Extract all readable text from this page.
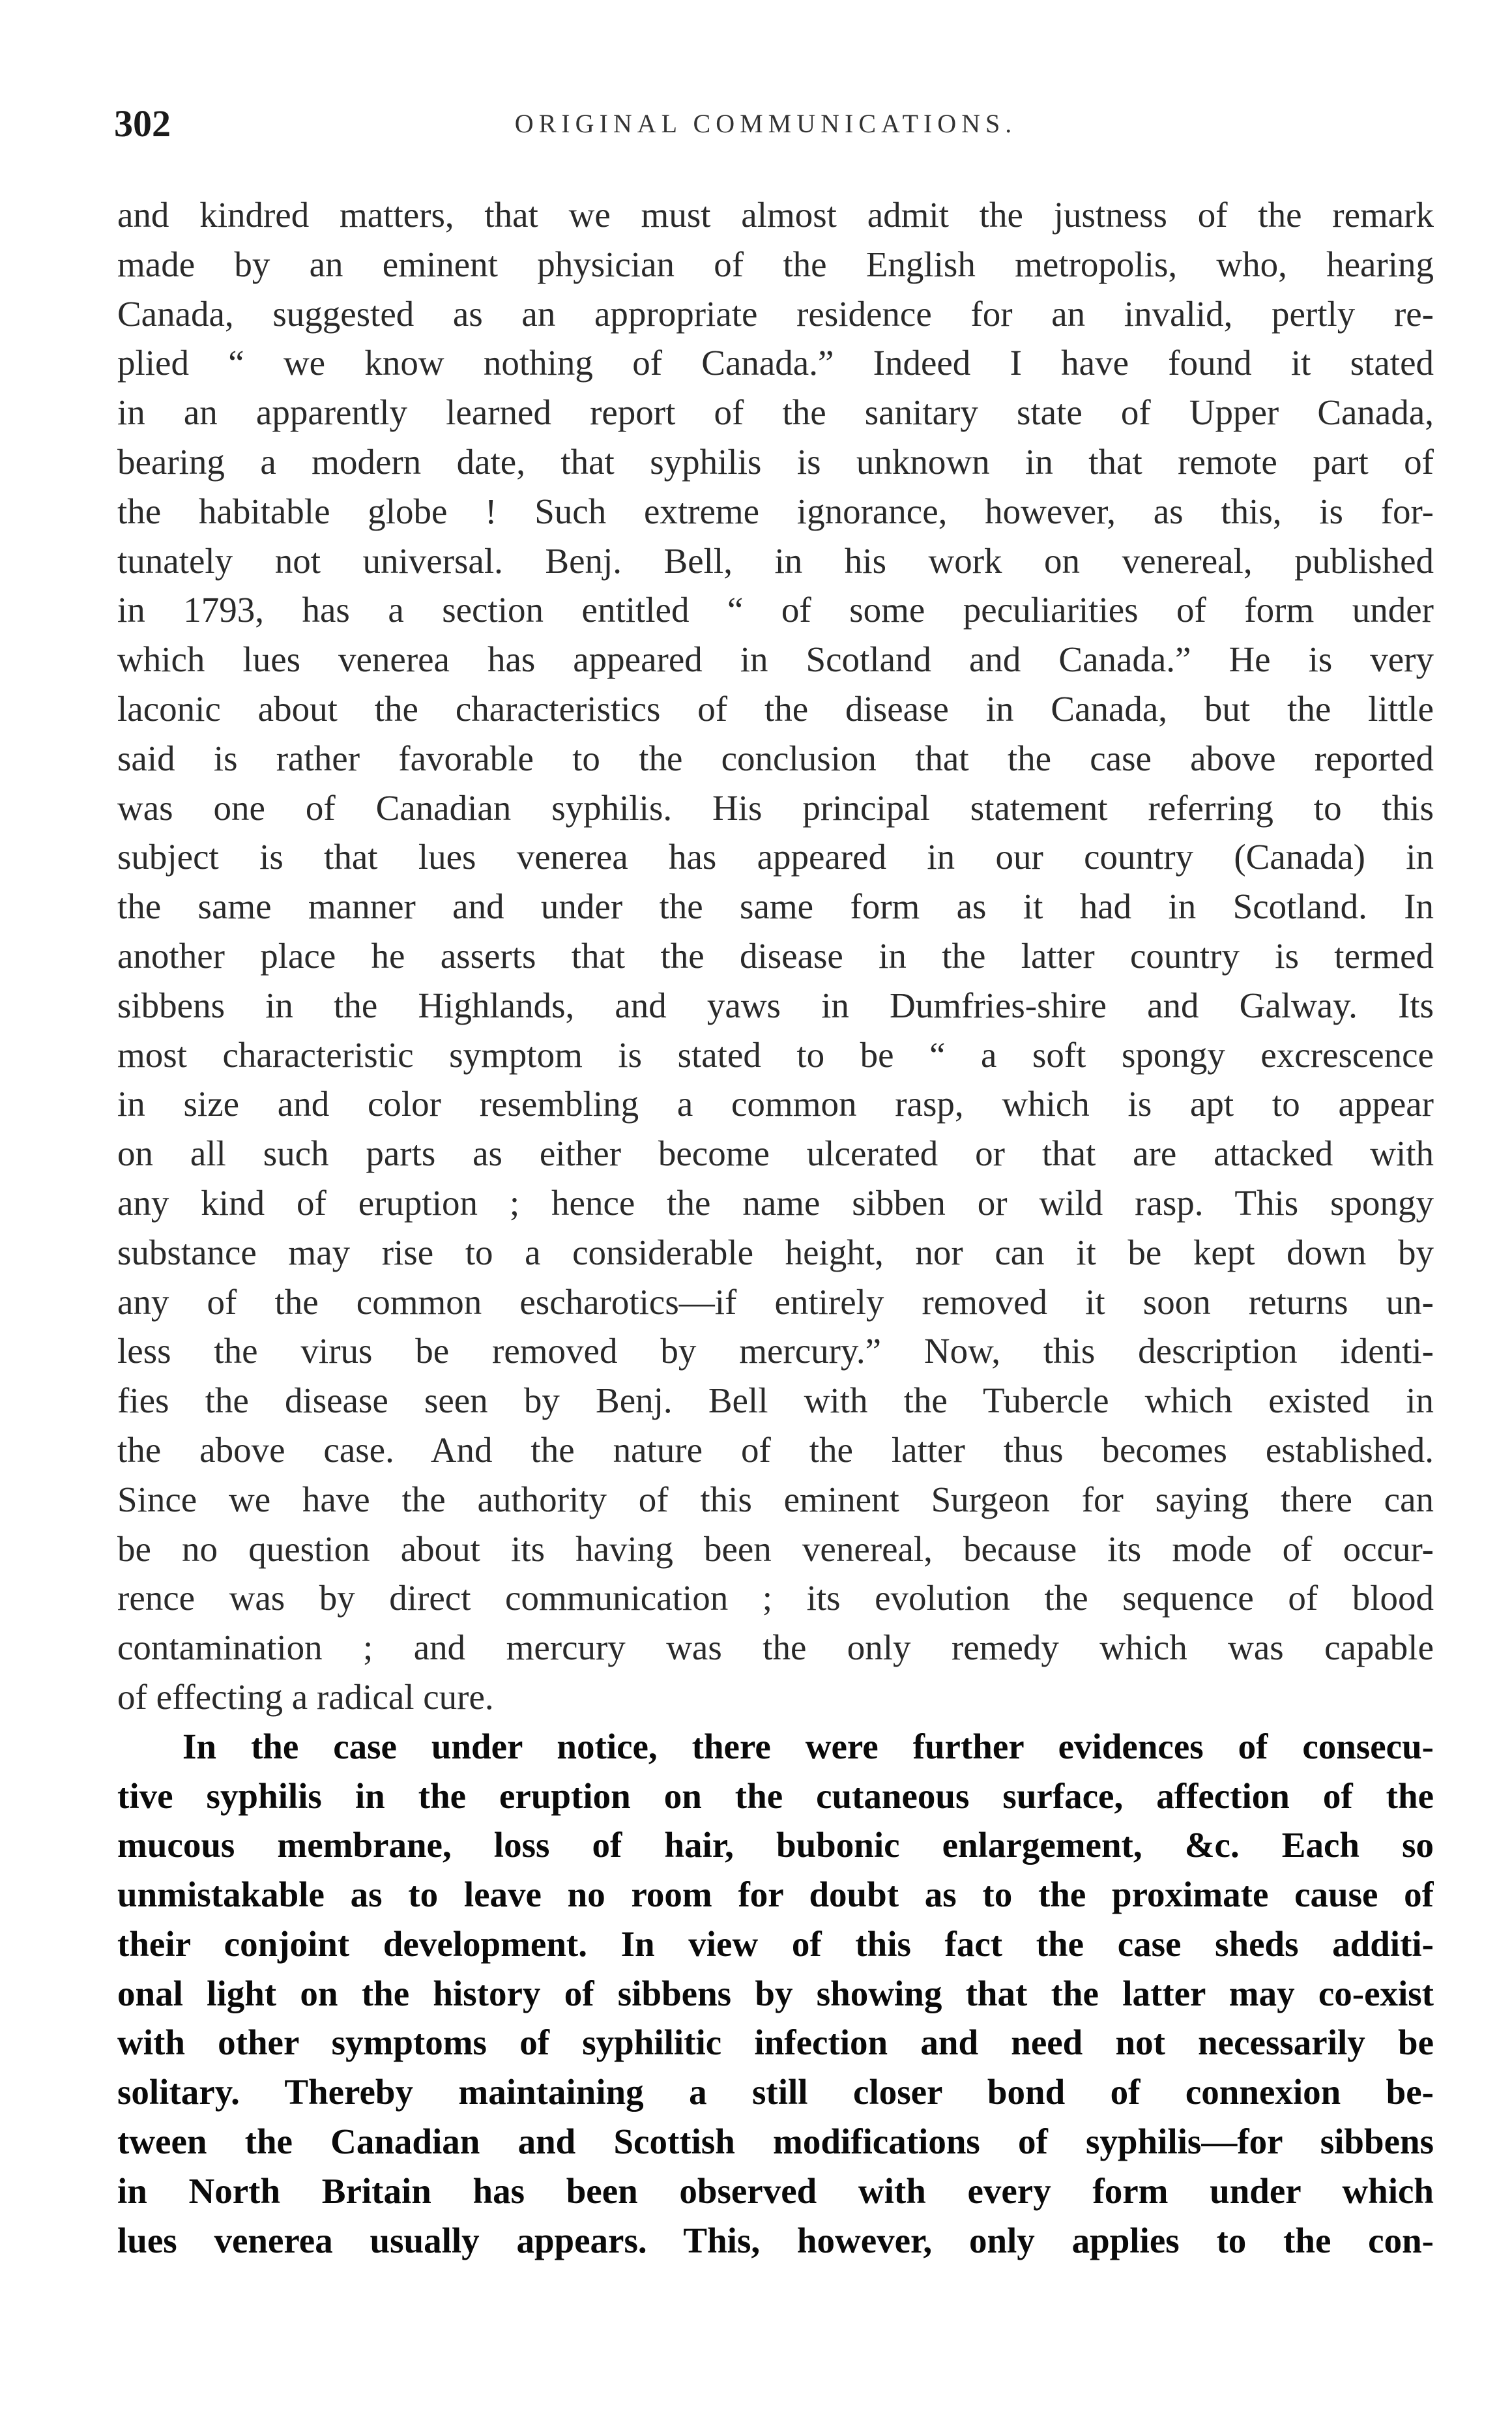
302	ORIGINAL COMMUNICATIONS.
and kindred matters, that we must almost admit the justness of the remark
made by an eminent physician of the English metropolis, who, hearing
Canada, suggested as an appropriate residence for an invalid, pertly re-
plied “ we know nothing of Canada.” Indeed I have found it stated
in an apparently learned report of the sanitary state of Upper Canada,
bearing a modern date, that syphilis is unknown in that remote part of
the habitable globe ! Such extreme ignorance, however, as this, is for-
tunately not universal. Benj. Bell, in his work on venereal, published
in 1793, has a section entitled “ of some peculiarities of form under
which lues venerea has appeared in Scotland and Canada.” He is very
laconic about the characteristics of the disease in Canada, but the little
said is rather favorable to the conclusion that the case above reported
was one of Canadian syphilis. His principal statement referring to this
subject is that lues venerea has appeared in our country (Canada) in
the same manner and under the same form as it had in Scotland. In
another place he asserts that the disease in the latter country is termed
sibbens in the Highlands, and yaws in Dumfries-shire and Galway. Its
most characteristic symptom is stated to be “ a soft spongy excrescence
in size and color resembling a common rasp, which is apt to appear
on all such parts as either become ulcerated or that are attacked with
any kind of eruption ; hence the name sibben or wild rasp. This spongy
substance may rise to a considerable height, nor can it be kept down by
any of the common escharotics—if entirely removed it soon returns un-
less the virus be removed by mercury.” Now, this description identi-
fies the disease seen by Benj. Bell with the Tubercle which existed in
the above case. And the nature of the latter thus becomes established.
Since we have the authority of this eminent Surgeon for saying there can
be no question about its having been venereal, because its mode of occur-
rence was by direct communication ; its evolution the sequence of blood
contamination ; and mercury was the only remedy which was capable
of effecting a radical cure.
In the case under notice, there were further evidences of consecu-
tive syphilis in the eruption on the cutaneous surface, affection of the
mucous membrane, loss of hair, bubonic enlargement, &c. Each so
unmistakable as to leave no room for doubt as to the proximate cause of
their conjoint development. In view of this fact the case sheds additi-
onal light on the history of sibbens by showing that the latter may co-exist
with other symptoms of syphilitic infection and need not necessarily be
solitary. Thereby maintaining a still closer bond of connexion be-
tween the Canadian and Scottish modifications of syphilis—for sibbens
in North Britain has been observed with every form under which
lues venerea usually appears. This, however, only applies to the con-
